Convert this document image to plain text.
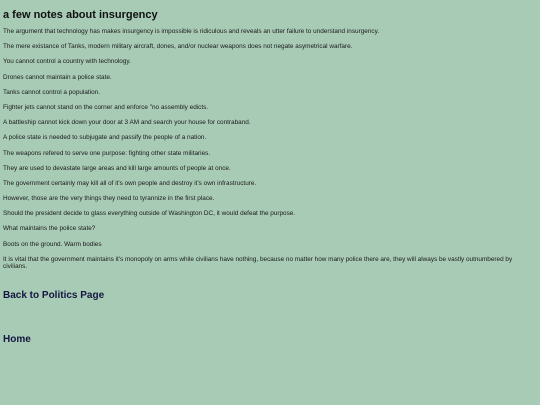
a few notes about insurgency

The argument that technology has makes insurgency is impossible is ridiculous and reveals an utter failure to understand insurgency.

The mere existance of Tanks, modern military aircraft, dones, and/or nuclear weapons does not negate asymetrical warfare.

You cannot control a country with technology.

Drones cannot maintain a police state.

Tanks cannot control a population.

Fighter jets cannot stand on the corner and enforce "no assembly edicts.

A battleship cannot kick down your door at 3 AM and search your house for contraband.

A police state is needed to subjugate and passify the people of a nation.

The weapons refered to serve one purpose: fighting other state militaries.

They are used to devastate large areas and kill large amounts of people at once.

The government certainly may kill all of it's own people and destroy it's own infrastructure.

However, those are the very things they need to tyrannize in the first place.

Should the president decide to glass everything outside of Washington DC, it would defeat the purpose.

What maintains the police state?

Boots on the ground. Warm bodies

It is vital that the government maintains it's monopoly on arms while civilians have nothing, because no matter how many police there are, they will always be vastly outnumbered by civilians.

Back to Politics Page
Home
